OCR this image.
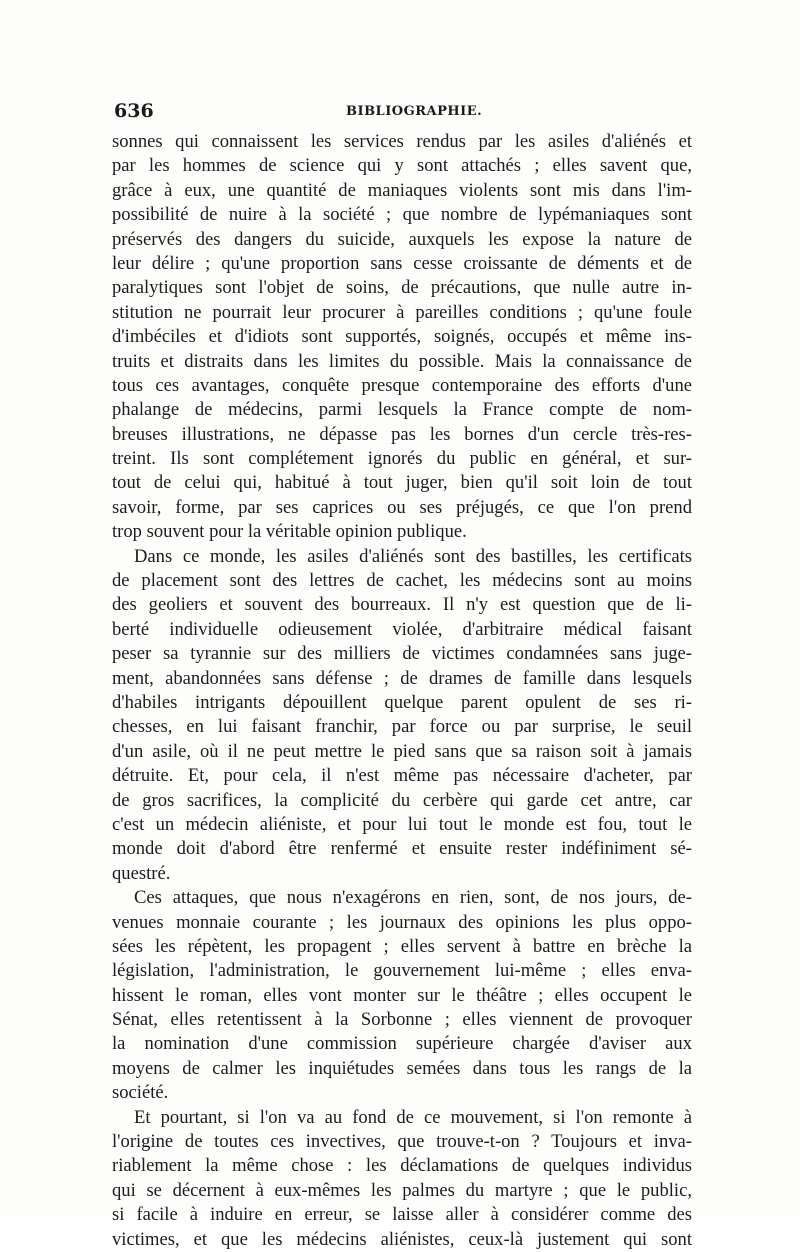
636	BIBLIOGRAPHIE.
sonnes qui connaissent les services rendus par les asiles d'aliénés et
par les hommes de science qui y sont attachés ; elles savent que,
grâce à eux, une quantité de maniaques violents sont mis dans l'im-
possibilité de nuire à la société ; que nombre de lypémaniaques sont
préservés des dangers du suicide, auxquels les expose la nature de
leur délire ; qu'une proportion sans cesse croissante de déments et de
paralytiques sont l'objet de soins, de précautions, que nulle autre in-
stitution ne pourrait leur procurer à pareilles conditions ; qu'une foule
d'imbéciles et d'idiots sont supportés, soignés, occupés et même ins-
truits et distraits dans les limites du possible. Mais la connaissance de
tous ces avantages, conquête presque contemporaine des efforts d'une
phalange de médecins, parmi lesquels la France compte de nom-
breuses illustrations, ne dépasse pas les bornes d'un cercle très-res-
treint. Ils sont complétement ignorés du public en général, et sur-
tout de celui qui, habitué à tout juger, bien qu'il soit loin de tout
savoir, forme, par ses caprices ou ses préjugés, ce que l'on prend
trop souvent pour la véritable opinion publique.
Dans ce monde, les asiles d'aliénés sont des bastilles, les certificats
de placement sont des lettres de cachet, les médecins sont au moins
des geoliers et souvent des bourreaux. Il n'y est question que de li-
berté individuelle odieusement violée, d'arbitraire médical faisant
peser sa tyrannie sur des milliers de victimes condamnées sans juge-
ment, abandonnées sans défense ; de drames de famille dans lesquels
d'habiles intrigants dépouillent quelque parent opulent de ses ri-
chesses, en lui faisant franchir, par force ou par surprise, le seuil
d'un asile, où il ne peut mettre le pied sans que sa raison soit à jamais
détruite. Et, pour cela, il n'est même pas nécessaire d'acheter, par
de gros sacrifices, la complicité du cerbère qui garde cet antre, car
c'est un médecin aliéniste, et pour lui tout le monde est fou, tout le
monde doit d'abord être renfermé et ensuite rester indéfiniment sé-
questré.
Ces attaques, que nous n'exagérons en rien, sont, de nos jours, de-
venues monnaie courante ; les journaux des opinions les plus oppo-
sées les répètent, les propagent ; elles servent à battre en brèche la
législation, l'administration, le gouvernement lui-même ; elles enva-
hissent le roman, elles vont monter sur le théâtre ; elles occupent le
Sénat, elles retentissent à la Sorbonne ; elles viennent de provoquer
la nomination d'une commission supérieure chargée d'aviser aux
moyens de calmer les inquiétudes semées dans tous les rangs de la
société.
Et pourtant, si l'on va au fond de ce mouvement, si l'on remonte à
l'origine de toutes ces invectives, que trouve-t-on ? Toujours et inva-
riablement la même chose : les déclamations de quelques individus
qui se décernent à eux-mêmes les palmes du martyre ; que le public,
si facile à induire en erreur, se laisse aller à considérer comme des
victimes, et que les médecins aliénistes, ceux-là justement qui sont
